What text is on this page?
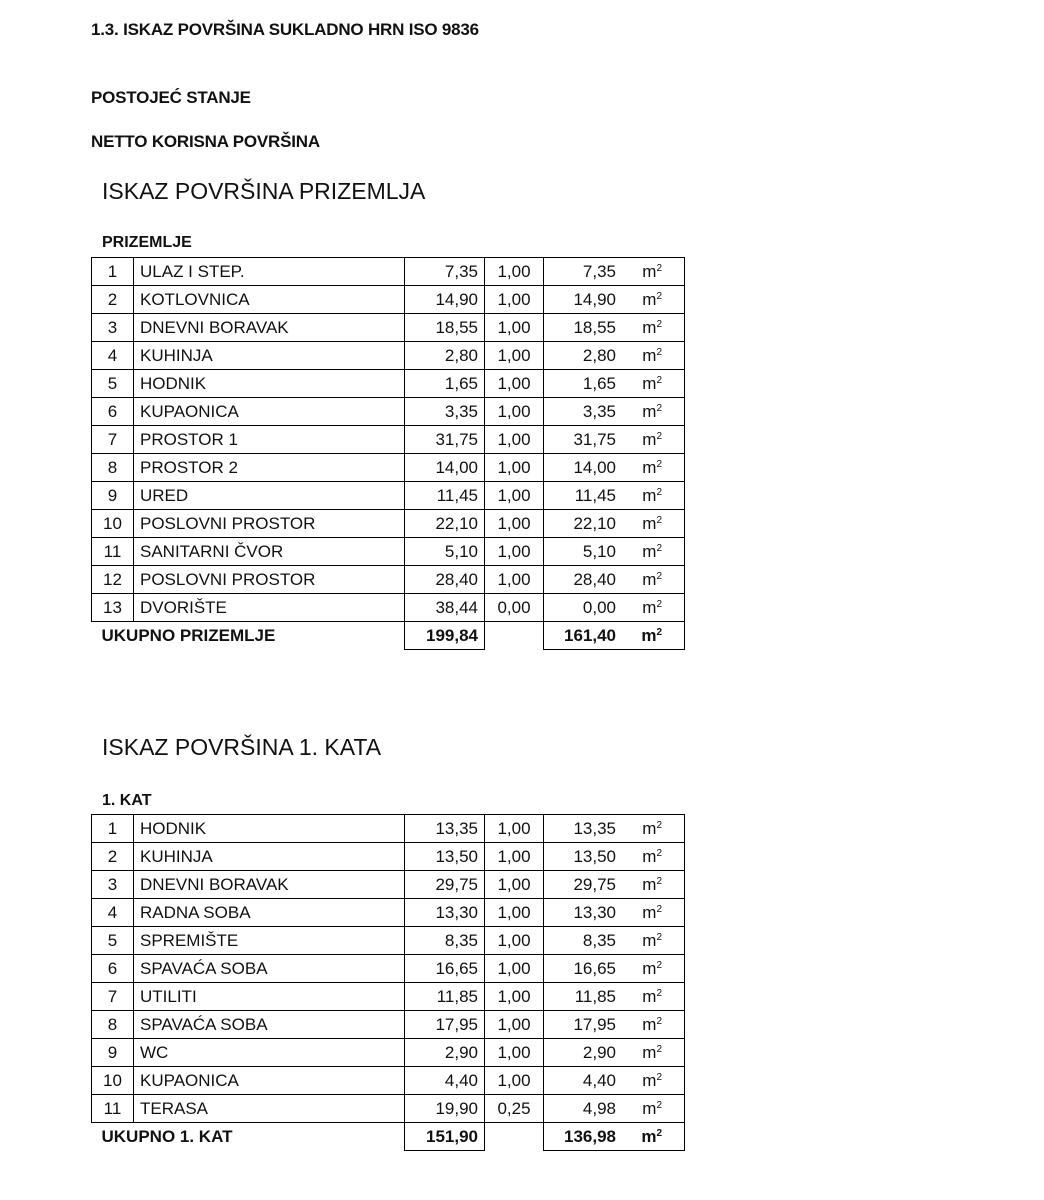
1.3. ISKAZ POVRŠINA SUKLADNO HRN ISO 9836
POSTOJEĆ STANJE
NETTO KORISNA POVRŠINA
ISKAZ POVRŠINA PRIZEMLJA
PRIZEMLJE
1	ULAZ I STEP.	7,35	1,00	7,35 $m^2$
2	KOTLOVNICA	14,90	1,00	14,90 $m^2$
3	DNEVNI BORAVAK	18,55	1,00	18,55 $m^2$
4	KUHINJA	2,80	1,00	2,80 $m^2$
5	HODNIK	1,65	1,00	1,65 $m^2$
6	KUPAONICA	3,35	1,00	3,35 $m^2$
7	PROSTOR 1	31,75	1,00	31,75 $m^2$
8	PROSTOR 2	14,00	1,00	14,00 $m^2$
9	URED	11,45	1,00	11,45 $m^2$
10	POSLOVNI PROSTOR	22,10	1,00	22,10 $m^2$
11	SANITARNI ČVOR	5,10	1,00	5,10 $m^2$
12	POSLOVNI PROSTOR	28,40	1,00	28,40 $m^2$
13	DVORIŠTE	38,44	0,00	0,00 $m^2$
UKUPNO PRIZEMLJE		199,84		161,40 $m^2$
ISKAZ POVRŠINA 1. KATA
1. KAT
1	HODNIK	13,35	1,00	13,35 $m^2$
2	KUHINJA	13,50	1,00	13,50 $m^2$
3	DNEVNI BORAVAK	29,75	1,00	29,75 $m^2$
4	RADNA SOBA	13,30	1,00	13,30 $m^2$
5	SPREMIŠTE	8,35	1,00	8,35 $m^2$
6	SPAVAĆA SOBA	16,65	1,00	16,65 $m^2$
7	UTILITI	11,85	1,00	11,85 $m^2$
8	SPAVAĆA SOBA	17,95	1,00	17,95 $m^2$
9	WC	2,90	1,00	2,90 $m^2$
10	KUPAONICA	4,40	1,00	4,40 $m^2$
11	TERASA	19,90	0,25	4,98 $m^2$
UKUPNO 1. KAT		151,90		136,98 $m^2$
